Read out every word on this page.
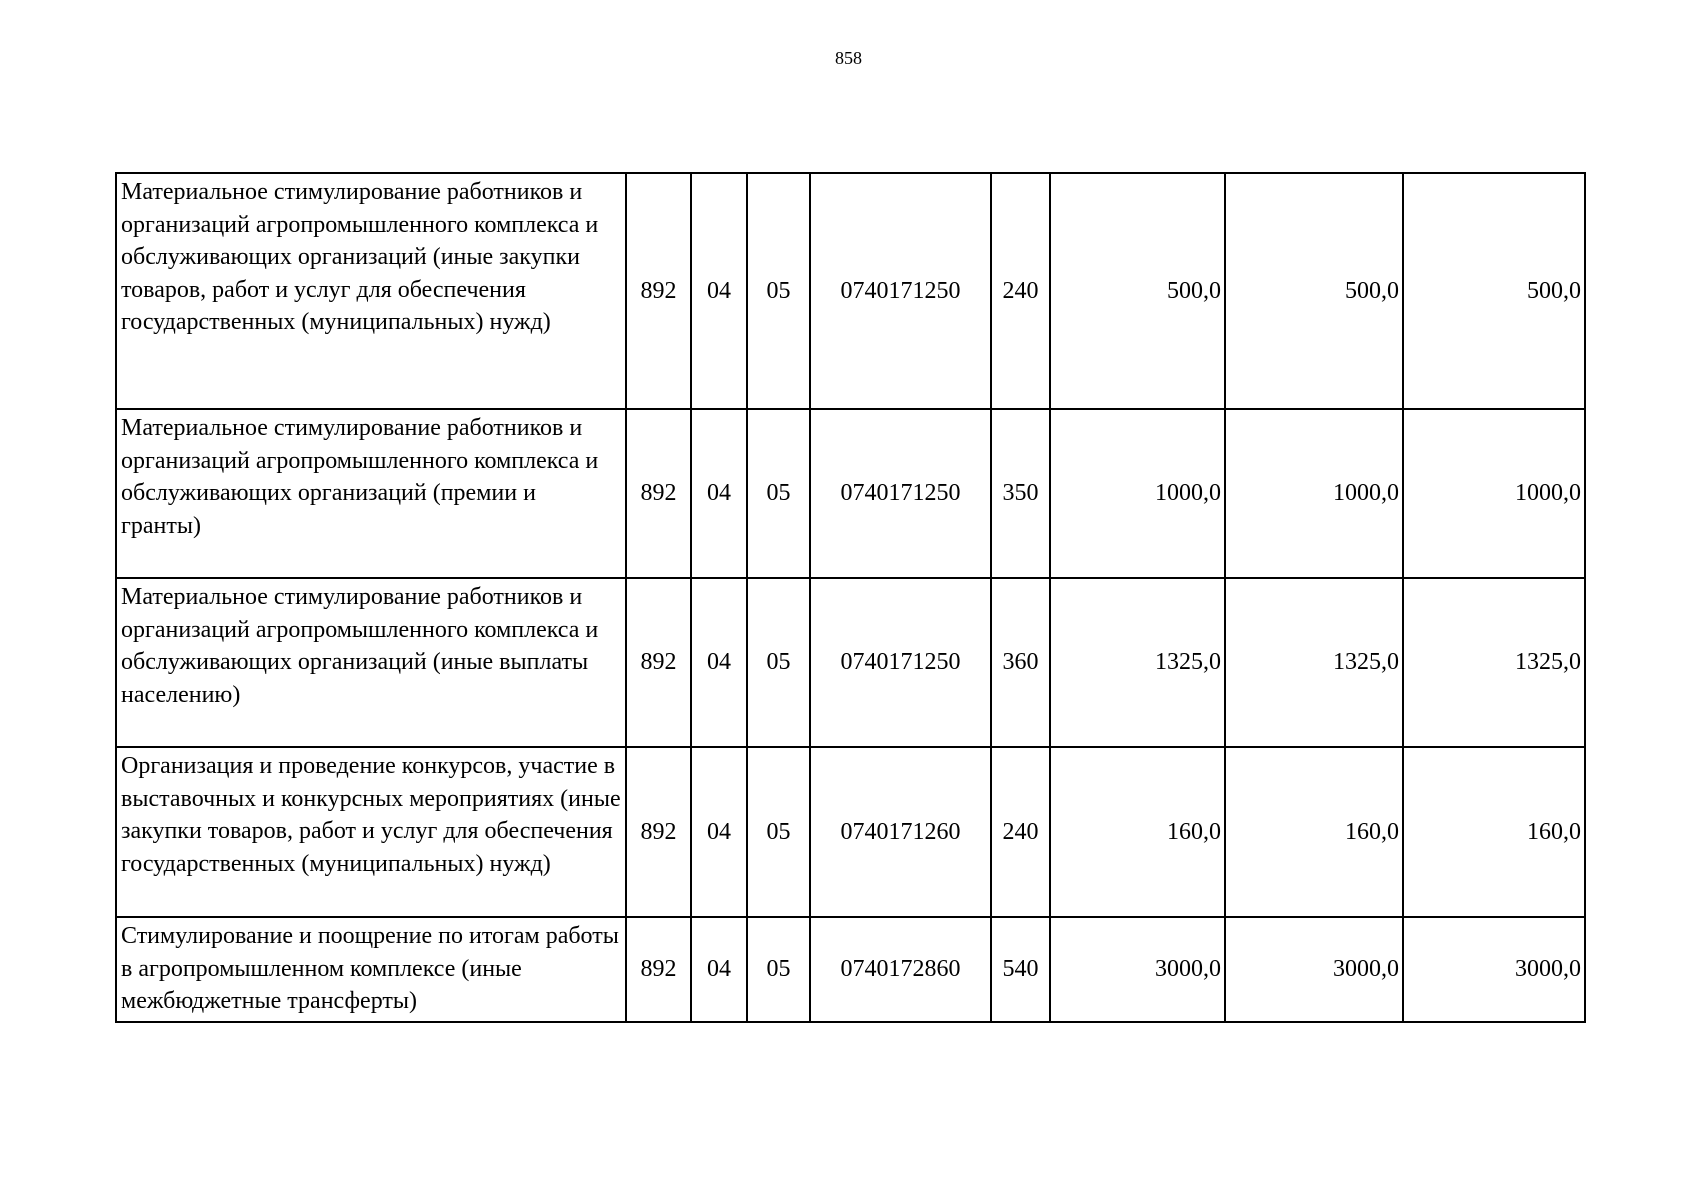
858
Материальное стимулирование работников и организаций агропромышленного комплекса и обслуживающих организаций (иные закупки товаров, работ и услуг для обеспечения государственных (муниципальных) нужд)	892	04	05	0740171250	240	500,0	500,0	500,0
Материальное стимулирование работников и организаций агропромышленного комплекса и обслуживающих организаций (премии и гранты)	892	04	05	0740171250	350	1000,0	1000,0	1000,0
Материальное стимулирование работников и организаций агропромышленного комплекса и обслуживающих организаций (иные выплаты населению)	892	04	05	0740171250	360	1325,0	1325,0	1325,0
Организация и проведение конкурсов, участие в выставочных и конкурсных мероприятиях (иные закупки товаров, работ и услуг для обеспечения государственных (муниципальных) нужд)	892	04	05	0740171260	240	160,0	160,0	160,0
Стимулирование и поощрение по итогам работы в агропромышленном комплексе (иные межбюджетные трансферты)	892	04	05	0740172860	540	3000,0	3000,0	3000,0
